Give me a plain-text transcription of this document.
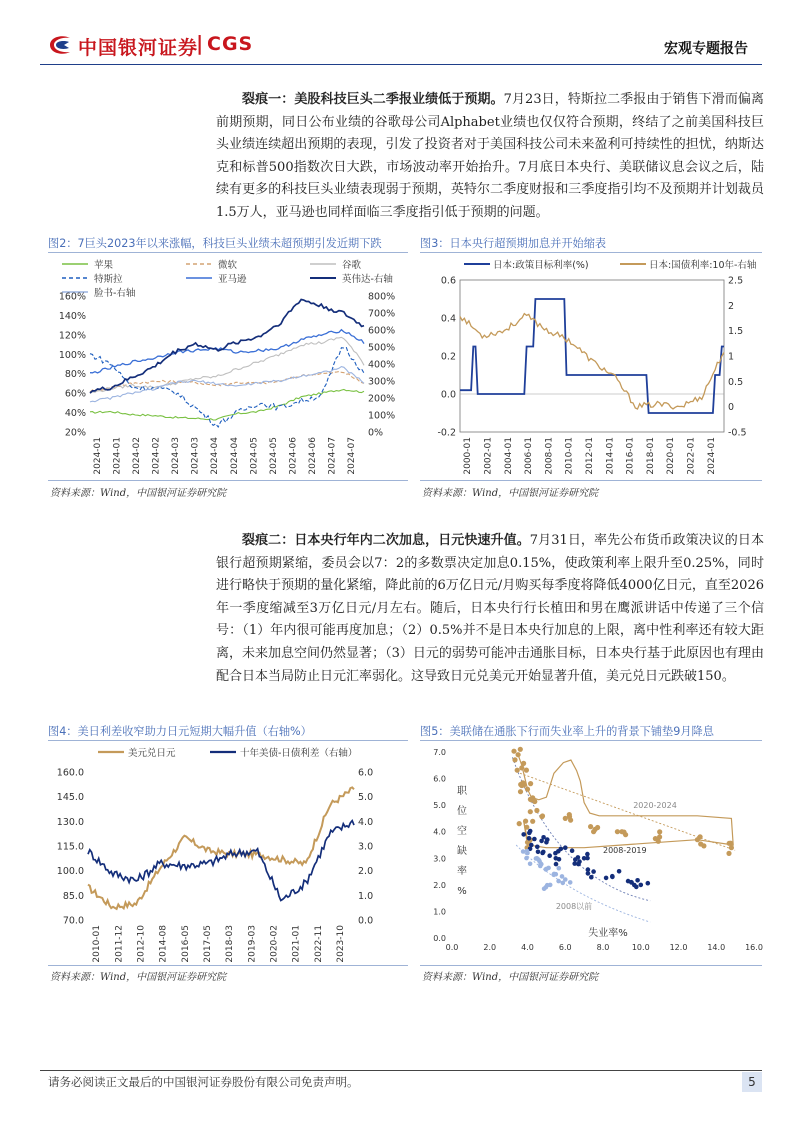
中国银河证券
| CGS	宏观专题报告
裂痕一：美股科技巨头二季报业绩低于预期。7月23日，特斯拉二季报由于销售下滑而偏离前期预期，同日公布业绩的谷歌母公司Alphabet业绩也仅仅符合预期，终结了之前美国科技巨头业绩连续超出预期的表现，引发了投资者对于美国科技公司未来盈利可持续性的担忧，纳斯达克和标普500指数次日大跌，市场波动率开始抬升。7月底日本央行、美联储议息会议之后，陆续有更多的科技巨头业绩表现弱于预期，英特尔二季度财报和三季度指引均不及预期并计划裁员1.5万人，亚马逊也同样面临三季度指引低于预期的问题。
图2：7巨头2023年以来涨幅，科技巨头业绩未超预期引发近期下跌
苹果	微软	谷歌
特斯拉	亚马逊	英伟达-右轴
脸书-右轴
160%
140%
120%
100%
80%
60%
40%
20%
800%
700%
600%
500%
400%
300%
200%
100%
0%
2024-01 2024-01 2024-02 2024-02 2024-03 2024-03 2024-04 2024-04 2024-05 2024-05 2024-06 2024-06 2024-07 2024-07
资料来源：Wind，中国银河证券研究院
图3：日本央行超预期加息并开始缩表
日本:政策目标利率(%)	日本:国债利率:10年-右轴
0.6
0.4
0.2
0.0
-0.2
2.5
2
1.5
1
0.5
0
-0.5
2000-01 2002-01 2004-01 2006-01 2008-01 2010-01 2012-01 2014-01 2016-01 2018-01 2020-01 2022-01 2024-01
资料来源：Wind，中国银河证券研究院
裂痕二：日本央行年内二次加息，日元快速升值。7月31日，率先公布货币政策决议的日本银行超预期紧缩，委员会以7：2的多数票决定加息0.15%，使政策利率上限升至0.25%，同时进行略快于预期的量化紧缩，降此前的6万亿日元/月购买每季度将降低4000亿日元，直至2026年一季度缩减至3万亿日元/月左右。随后，日本央行行长植田和男在鹰派讲话中传递了三个信号：（1）年内很可能再度加息；（2）0.5%并不是日本央行加息的上限，离中性利率还有较大距离，未来加息空间仍然显著；（3）日元的弱势可能冲击通胀目标，日本央行基于此原因也有理由配合日本当局防止日元汇率弱化。这导致日元兑美元开始显著升值，美元兑日元跌破150。
图4：美日利差收窄助力日元短期大幅升值（右轴%）
美元兑日元	十年美债-日债利差（右轴）
160.0
145.0
130.0
115.0
100.0
85.0
70.0
6.0
5.0
4.0
3.0
2.0
1.0
0.0
2010-01 2011-12 2012-10 2014-08 2016-05 2017-05 2018-03 2019-03 2020-02 2021-01 2022-11 2023-10
资料来源：Wind，中国银河证券研究院
图5：美联储在通胀下行而失业率上升的背景下铺垫9月降息
7.0
6.0
5.0
4.0
3.0
2.0
1.0
0.0
0.0	2.0	4.0	6.0	8.0	10.0 12.0 14.0 16.0
职
位
空
缺
率
%
失业率%
2020-2024
2008-2019
2008以前
资料来源：Wind，中国银河证券研究院
请务必阅读正文最后的中国银河证券股份有限公司免责声明。	5
